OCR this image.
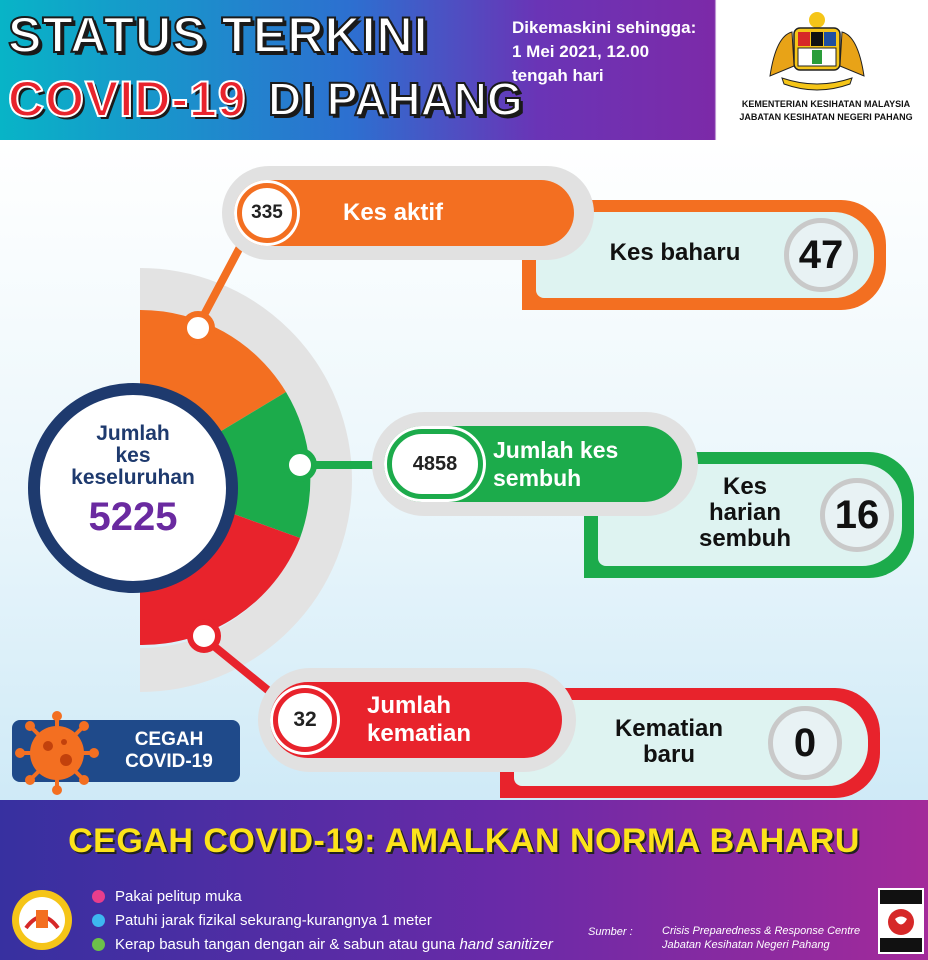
STATUS TERKINI
COVID-19 DI PAHANG
Dikemaskini sehingga:
1 Mei 2021, 12.00
tengah hari
KEMENTERIAN KESIHATAN MALAYSIA
JABATAN KESIHATAN NEGERI PAHANG
Jumlah
kes
keseluruhan
5225
Kes baharu	47
335	Kes aktif
Kes
harian
sembuh
16
4858
Jumlah kes
sembuh
Kematian
baru	0
32
Jumlah
kematian
CEGAH
COVID-19
CEGAH COVID-19: AMALKAN NORMA BAHARU
Pakai pelitup muka
Patuhi jarak fizikal sekurang-kurangnya 1 meter
Kerap basuh tangan dengan air & sabun atau guna hand sanitizer
Sumber :	Crisis Preparedness & Response Centre
Jabatan Kesihatan Negeri Pahang
